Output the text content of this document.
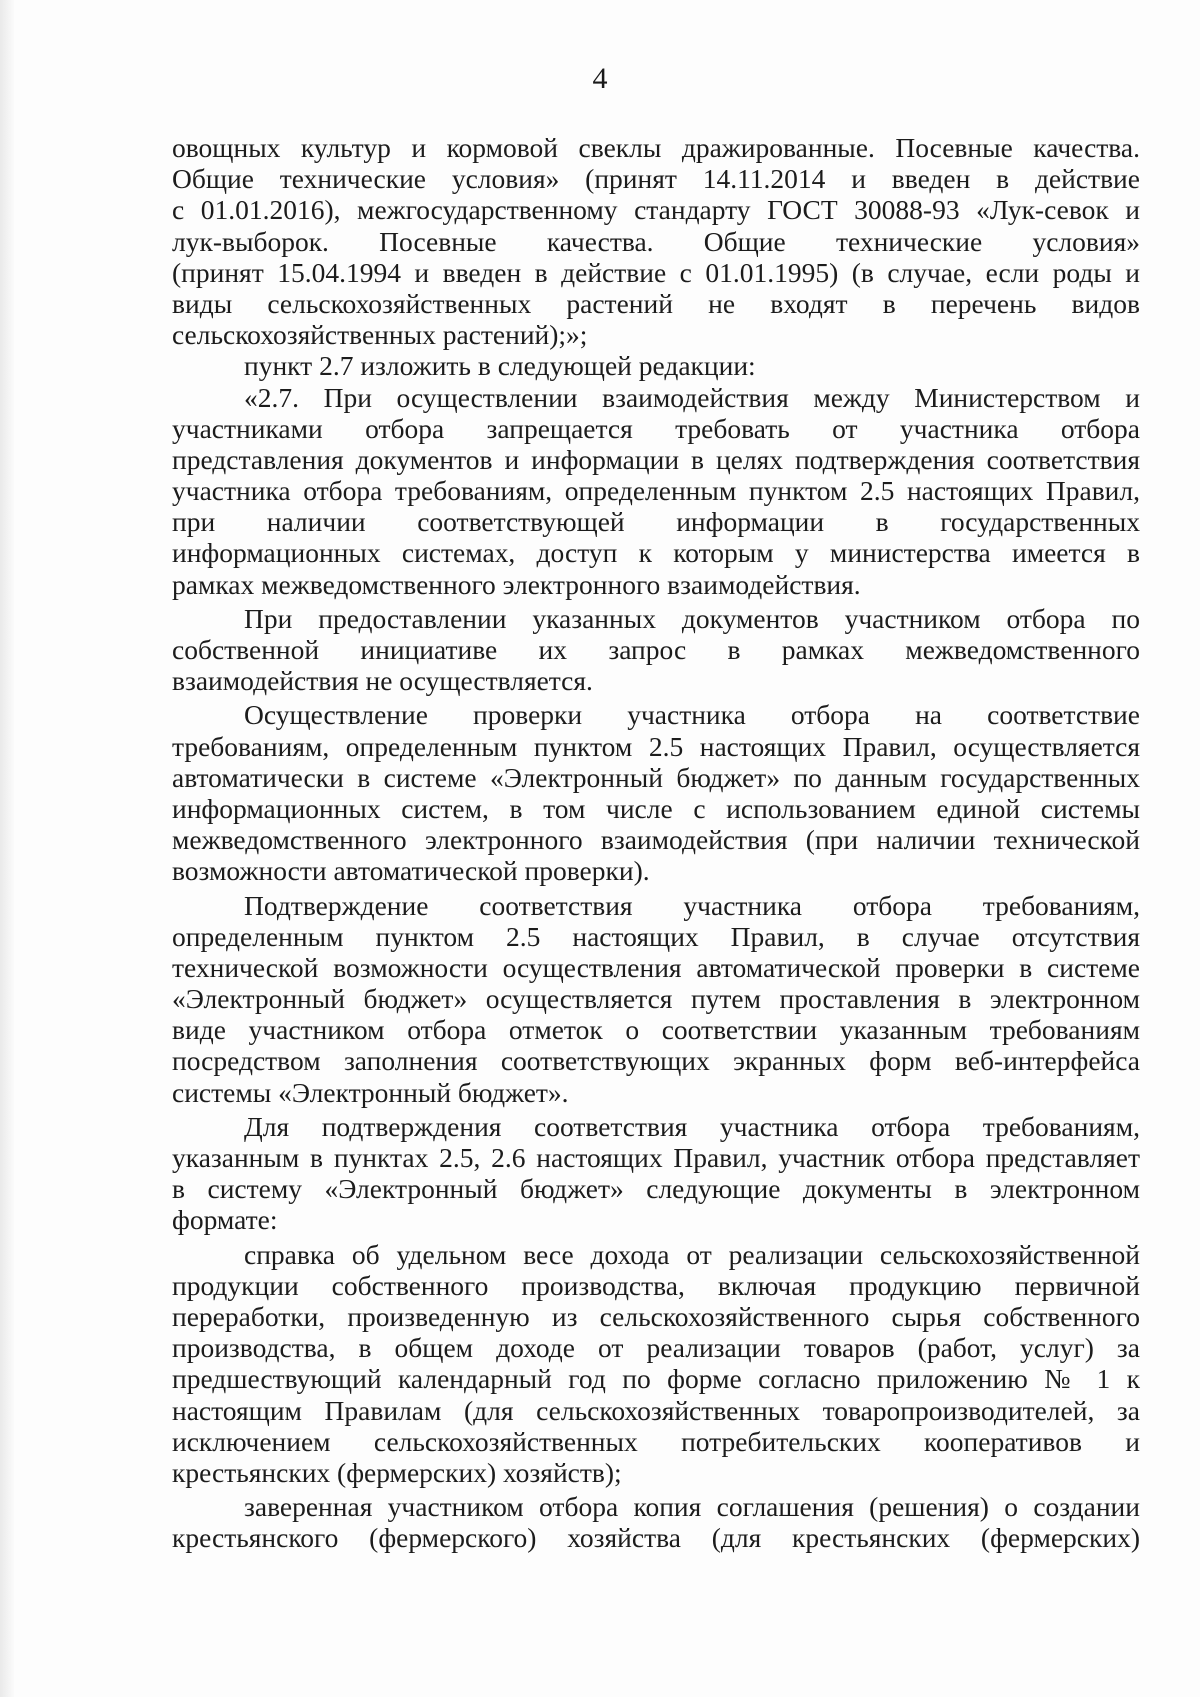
4
овощных культур и кормовой свеклы дражированные. Посевные качества.
Общие технические условия» (принят 14.11.2014 и введен в действие
с 01.01.2016), межгосударственному стандарту ГОСТ 30088-93 «Лук-севок и
лук-выборок. Посевные качества. Общие технические условия»
(принят 15.04.1994 и введен в действие с 01.01.1995) (в случае, если роды и
виды сельскохозяйственных растений не входят в перечень видов
сельскохозяйственных растений);»;
пункт 2.7 изложить в следующей редакции:
«2.7. При осуществлении взаимодействия между Министерством и
участниками отбора запрещается требовать от участника отбора
представления документов и информации в целях подтверждения соответствия
участника отбора требованиям, определенным пунктом 2.5 настоящих Правил,
при наличии соответствующей информации в государственных
информационных системах, доступ к которым у министерства имеется в
рамках межведомственного электронного взаимодействия.
При предоставлении указанных документов участником отбора по
собственной инициативе их запрос в рамках межведомственного
взаимодействия не осуществляется.
Осуществление проверки участника отбора на соответствие
требованиям, определенным пунктом 2.5 настоящих Правил, осуществляется
автоматически в системе «Электронный бюджет» по данным государственных
информационных систем, в том числе с использованием единой системы
межведомственного электронного взаимодействия (при наличии технической
возможности автоматической проверки).
Подтверждение соответствия участника отбора требованиям,
определенным пунктом 2.5 настоящих Правил, в случае отсутствия
технической возможности осуществления автоматической проверки в системе
«Электронный бюджет» осуществляется путем проставления в электронном
виде участником отбора отметок о соответствии указанным требованиям
посредством заполнения соответствующих экранных форм веб-интерфейса
системы «Электронный бюджет».
Для подтверждения соответствия участника отбора требованиям,
указанным в пунктах 2.5, 2.6 настоящих Правил, участник отбора представляет
в систему «Электронный бюджет» следующие документы в электронном
формате:
справка об удельном весе дохода от реализации сельскохозяйственной
продукции собственного производства, включая продукцию первичной
переработки, произведенную из сельскохозяйственного сырья собственного
производства, в общем доходе от реализации товаров (работ, услуг) за
предшествующий календарный год по форме согласно приложению № 1 к
настоящим Правилам (для сельскохозяйственных товаропроизводителей, за
исключением сельскохозяйственных потребительских кооперативов и
крестьянских (фермерских) хозяйств);
заверенная участником отбора копия соглашения (решения) о создании
крестьянского (фермерского) хозяйства (для крестьянских (фермерских)
